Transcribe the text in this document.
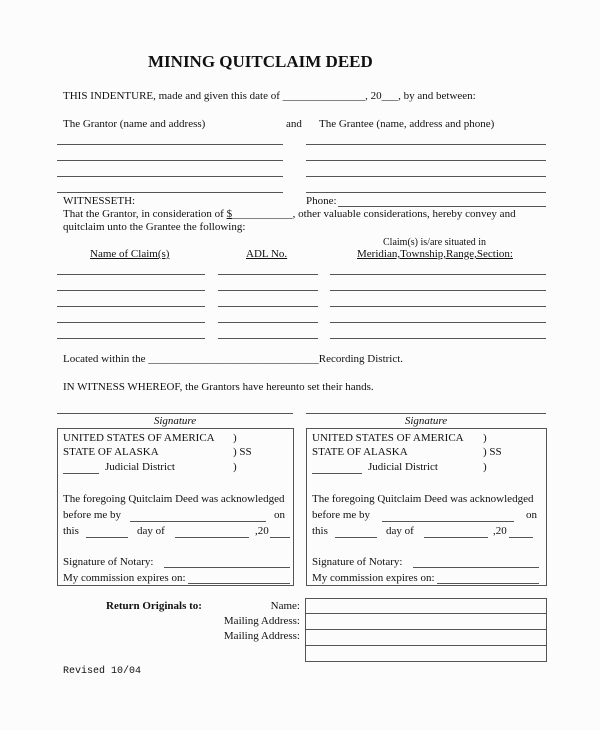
MINING QUITCLAIM DEED
THIS INDENTURE, made and given this date of _______________, 20___, by and between:
The Grantor (name and address)	and The Grantee (name, address and phone)
WITNESSETH:	Phone:
That the Grantor, in consideration of $___________, other valuable considerations, hereby convey and
quitclaim unto the Grantee the following:
Claim(s) is/are situated in
Name of Claim(s)	ADL No.	Meridian,Township,Range,Section:
Located within the _______________________________Recording District.
IN WITNESS WHEREOF, the Grantors have hereunto set their hands.
Signature	Signature
UNITED STATES OF AMERICA )
STATE OF ALASKA	) SS
Judicial District	)
The foregoing Quitclaim Deed was acknowledged
before me by	on
this	day of	,20
Signature of Notary:
My commission expires on:
UNITED STATES OF AMERICA )
STATE OF ALASKA	) SS
Judicial District	)
The foregoing Quitclaim Deed was acknowledged
before me by	on
this	day of	,20
Signature of Notary:
My commission expires on:
Return Originals to:	Name:
Mailing Address:
Mailing Address:
Revised 10/04
